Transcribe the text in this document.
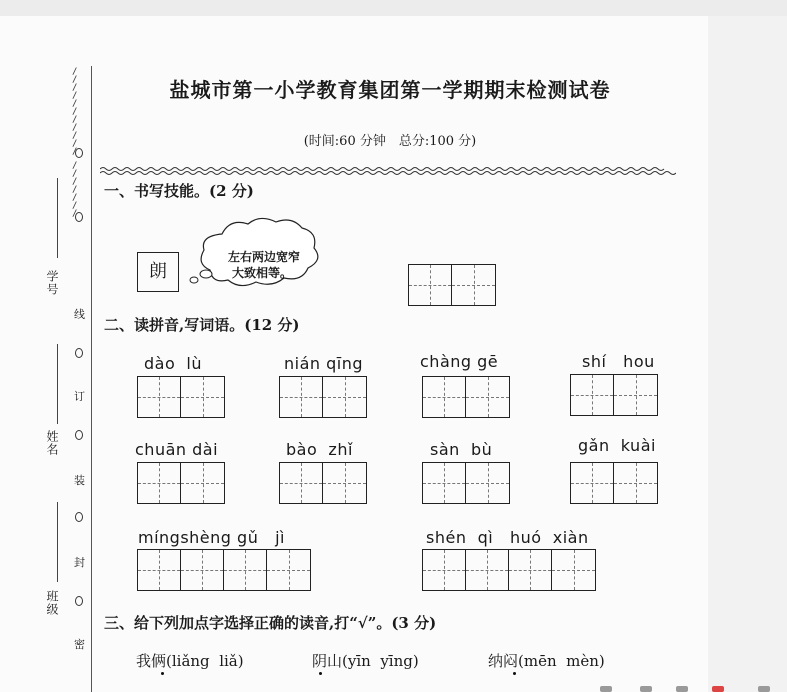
/
/
/
/
/
/
/
/
/
/
/
/
/
/
/
/
/
/
线
订
装
封
密
学号
姓名
班级
盐城市第一小学教育集团第一学期期末检测试卷
(时间:60 分钟　总分:100 分)
一、书写技能。(2 分)
朗
左右两边宽窄
大致相等。
二、读拼音,写词语。(12 分)
dào  lù	nián qīng	chàng gē	shí   hou
chuān dài	bào  zhǐ	sàn  bù	gǎn  kuài
míngshèng gǔ   jì	shén  qì   huó  xiàn
三、给下列加点字选择正确的读音,打“√”。(3 分)
我俩(liǎng  liǎ)	阴山(yīn  yīng)	纳闷(mēn  mèn)
